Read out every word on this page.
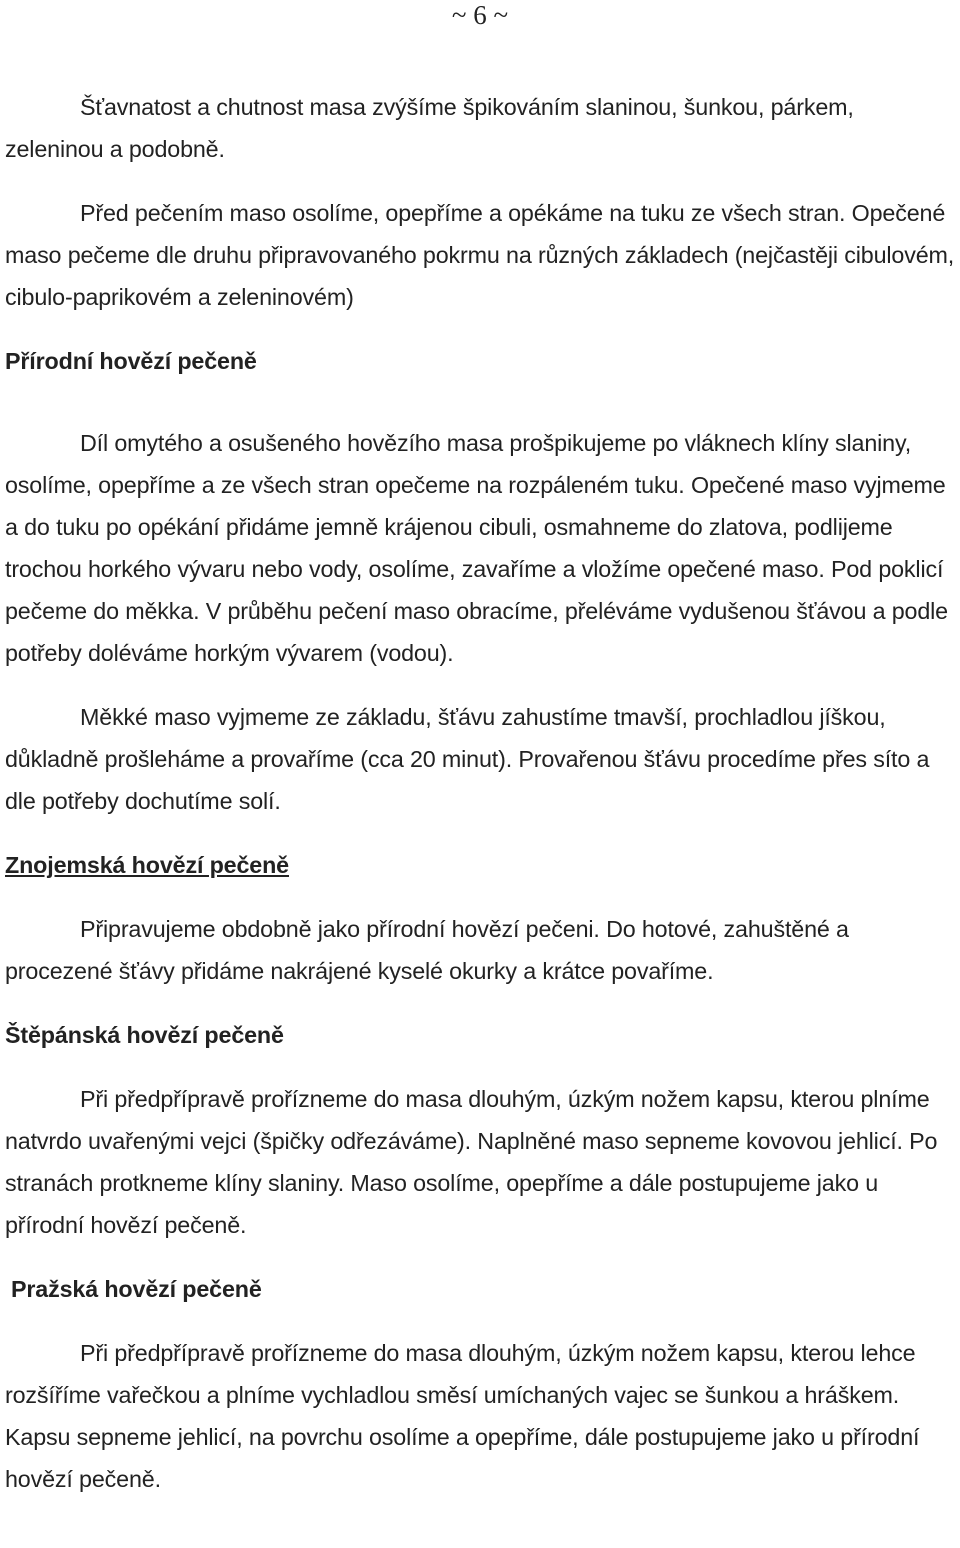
~ 6 ~

Šťavnatost a chutnost masa zvýšíme špikováním slaninou, šunkou, párkem, zeleninou a podobně.

Před pečením maso osolíme, opepříme a opékáme na tuku ze všech stran. Opečené maso pečeme dle druhu připravovaného pokrmu na různých základech (nejčastěji cibulovém, cibulo-paprikovém a zeleninovém)

Přírodní hovězí pečeně

Díl omytého a osušeného hovězího masa prošpikujeme po vláknech klíny slaniny, osolíme, opepříme a ze všech stran opečeme na rozpáleném tuku. Opečené maso vyjmeme a do tuku po opékání přidáme jemně krájenou cibuli, osmahneme do zlatova, podlijeme trochou horkého vývaru nebo vody, osolíme, zavaříme a vložíme opečené maso. Pod poklicí pečeme do měkka. V průběhu pečení maso obracíme, přeléváme vydušenou šťávou a podle potřeby doléváme horkým vývarem (vodou).

Měkké maso vyjmeme ze základu, šťávu zahustíme tmavší, prochladlou jíškou, důkladně prošleháme a provaříme (cca 20 minut). Provařenou šťávu procedíme přes síto a dle potřeby dochutíme solí.

Znojemská hovězí pečeně

Připravujeme obdobně jako přírodní hovězí pečeni. Do hotové, zahuštěné a procezené šťávy přidáme nakrájené kyselé okurky a krátce povaříme.

Štěpánská hovězí pečeně

Při předpřípravě prořízneme do masa dlouhým, úzkým nožem kapsu, kterou plníme natvrdo uvařenými vejci (špičky odřezáváme). Naplněné maso sepneme kovovou jehlicí. Po stranách protkneme klíny slaniny. Maso osolíme, opepříme a dále postupujeme jako u přírodní hovězí pečeně.

Pražská hovězí pečeně

Při předpřípravě prořízneme do masa dlouhým, úzkým nožem kapsu, kterou lehce rozšíříme vařečkou a plníme vychladlou směsí umíchaných vajec se šunkou a hráškem. Kapsu sepneme jehlicí, na povrchu osolíme a opepříme, dále postupujeme jako u přírodní hovězí pečeně.
